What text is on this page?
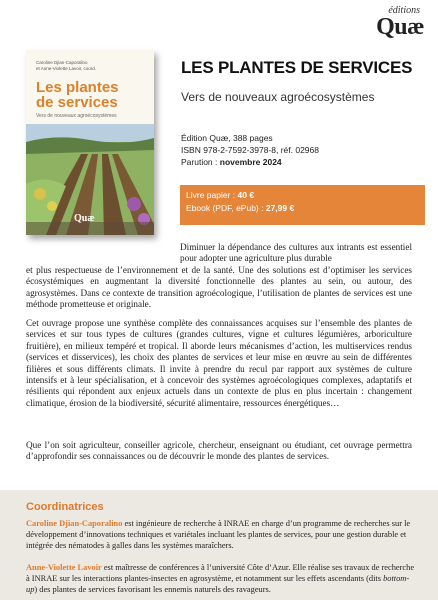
éditions
Quæ
Caroline Djian-Caporalino
et Anne-Violette Lavoir, coord.
Les plantes
de services
Vers de nouveaux agroécosystèmes
Quæ
LES PLANTES DE SERVICES
Vers de nouveaux agroécosystèmes
Édition Quæ, 388 pages
ISBN 978-2-7592-3978-8, réf. 02968
Parution : novembre 2024
Livre papier : 40 €
Ebook (PDF, ePub) : 27,99 €

Diminuer la dépendance des cultures aux intrants est essentiel pour adopter une agriculture plus durable

et plus respectueuse de l’environnement et de la santé. Une des solutions est d’optimiser les services écosystémiques en augmentant la diversité fonctionnelle des plantes au sein, ou autour, des agrosystèmes. Dans ce contexte de transition agroécologique, l’utilisation de plantes de services est une méthode prometteuse et originale.

Cet ouvrage propose une synthèse complète des connaissances acquises sur l’ensemble des plantes de services et sur tous types de cultures (grandes cultures, vigne et cultures légumières, arboriculture fruitière), en milieux tempéré et tropical. Il aborde leurs mécanismes d’action, les multiservices rendus (services et disservices), les choix des plantes de services et leur mise en œuvre au sein de différentes filières et sous différents climats. Il invite à prendre du recul par rapport aux systèmes de culture intensifs et à leur spécialisation, et à concevoir des systèmes agroécologiques complexes, adaptatifs et résilients qui répondent aux enjeux actuels dans un contexte de plus en plus incertain : changement climatique, érosion de la biodiversité, sécurité alimentaire, ressources énergétiques…

Que l’on soit agriculteur, conseiller agricole, chercheur, enseignant ou étudiant, cet ouvrage permettra d’approfondir ses connaissances ou de découvrir le monde des plantes de services.

Coordinatrices

Caroline Djian-Caporalino est ingénieure de recherche à INRAE en charge d’un programme de recherches sur le développement d’innovations techniques et variétales incluant les plantes de services, pour une gestion durable et intégrée des nématodes à galles dans les systèmes maraîchers.

Anne-Violette Lavoir est maîtresse de conférences à l’université Côte d’Azur. Elle réalise ses travaux de recherche à INRAE sur les interactions plantes-insectes en agrosystème, et notamment sur les effets ascendants (dits bottom-up) des plantes de services favorisant les ennemis naturels des ravageurs.
